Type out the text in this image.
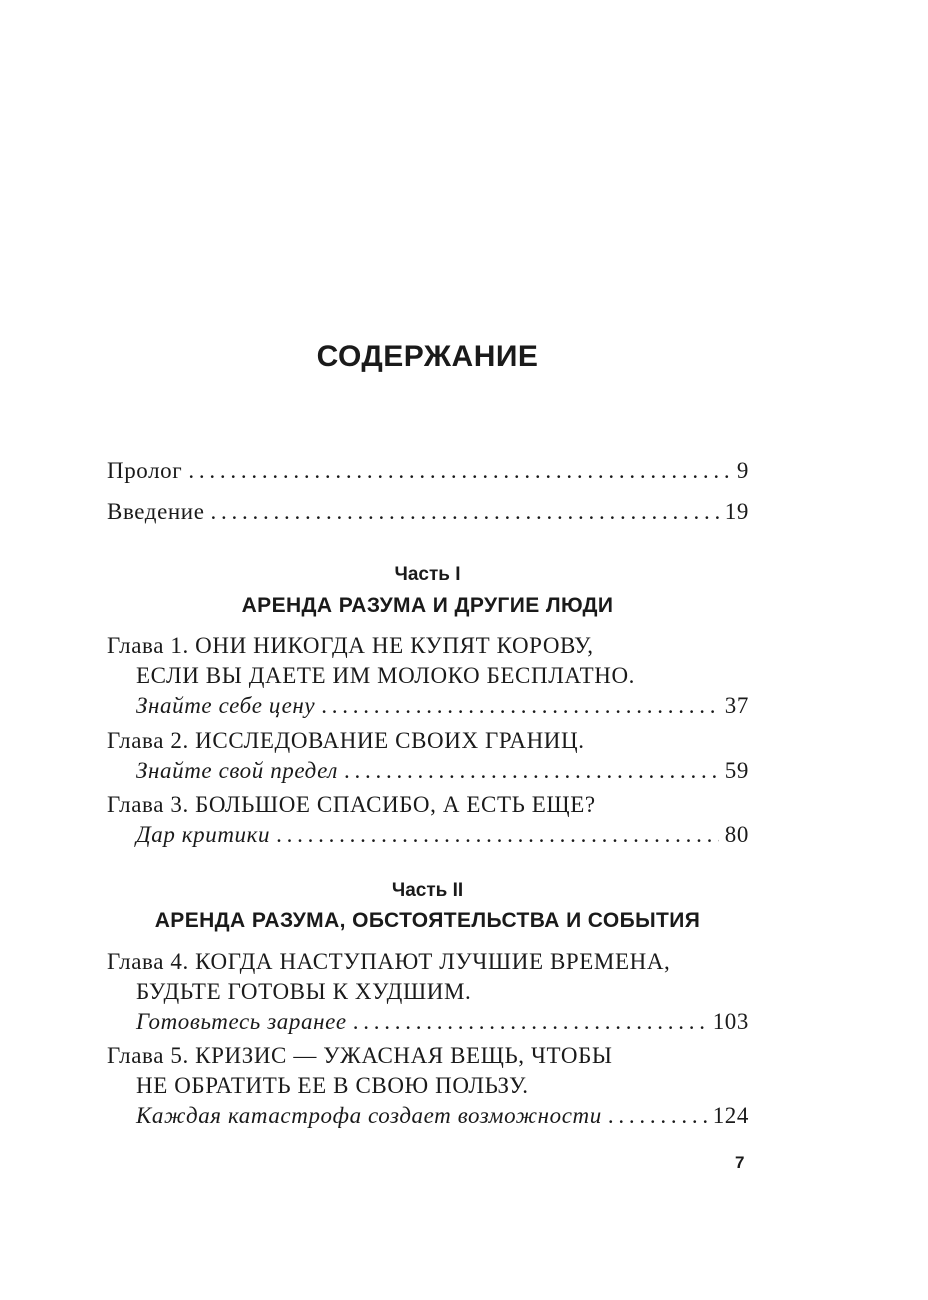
СОДЕРЖАНИЕ
Пролог . . .	9
Введение . . .	19
Часть I
АРЕНДА РАЗУМА И ДРУГИЕ ЛЮДИ
Глава 1. ОНИ НИКОГДА НЕ КУПЯТ КОРОВУ,
ЕСЛИ ВЫ ДАЕТЕ ИМ МОЛОКО БЕСПЛАТНО.
Знайте себе цену . . .	37
Глава 2. ИССЛЕДОВАНИЕ СВОИХ ГРАНИЦ.
Знайте свой предел . . .	59
Глава 3. БОЛЬШОЕ СПАСИБО, А ЕСТЬ ЕЩЕ?
Дар критики . . .	80
Часть II
АРЕНДА РАЗУМА, ОБСТОЯТЕЛЬСТВА И СОБЫТИЯ
Глава 4. КОГДА НАСТУПАЮТ ЛУЧШИЕ ВРЕМЕНА,
БУДЬТЕ ГОТОВЫ К ХУДШИМ.
Готовьтесь заранее . . .	103
Глава 5. КРИЗИС — УЖАСНАЯ ВЕЩЬ, ЧТОБЫ
НЕ ОБРАТИТЬ ЕЕ В СВОЮ ПОЛЬЗУ.
Каждая катастрофа создает возможности . . .	124
7
